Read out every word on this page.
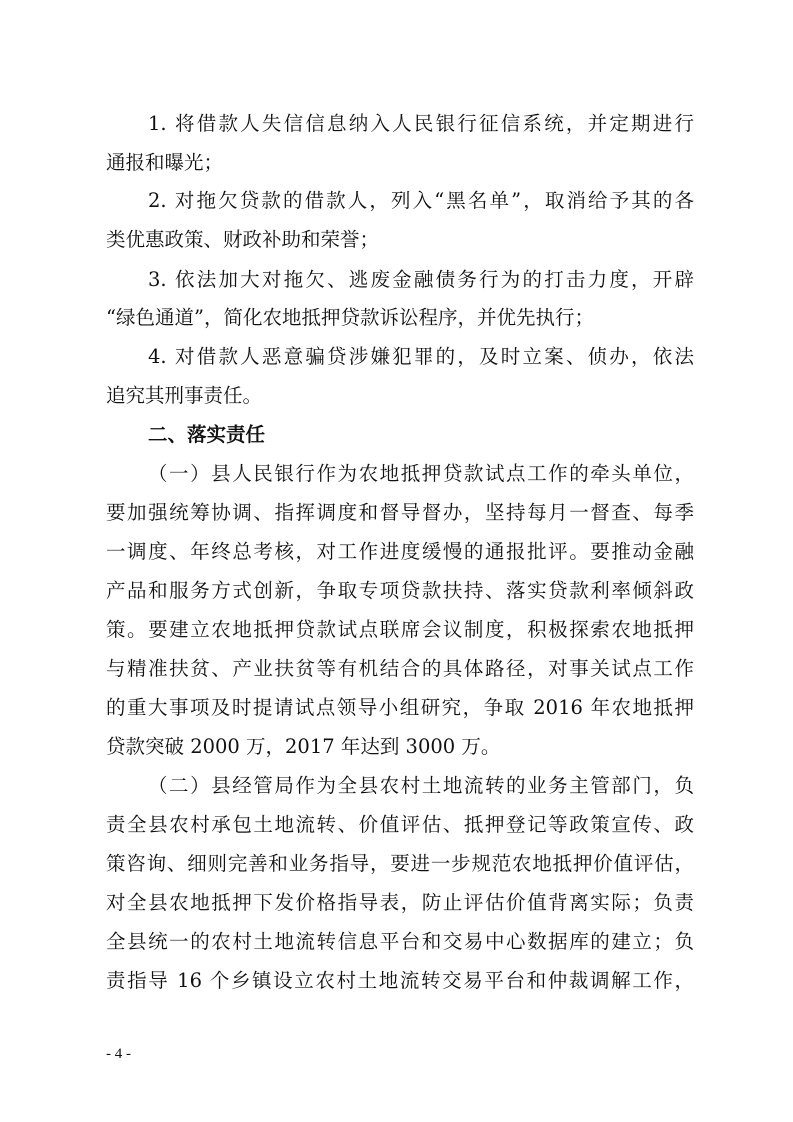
1. 将借款人失信信息纳入人民银行征信系统，并定期进行
通报和曝光；
2. 对拖欠贷款的借款人，列入“黑名单”，取消给予其的各
类优惠政策、财政补助和荣誉；
3. 依法加大对拖欠、逃废金融债务行为的打击力度，开辟
“绿色通道”，简化农地抵押贷款诉讼程序，并优先执行；
4. 对借款人恶意骗贷涉嫌犯罪的，及时立案、侦办，依法
追究其刑事责任。
二、落实责任
（一）县人民银行作为农地抵押贷款试点工作的牵头单位，
要加强统筹协调、指挥调度和督导督办，坚持每月一督查、每季
一调度、年终总考核，对工作进度缓慢的通报批评。要推动金融
产品和服务方式创新，争取专项贷款扶持、落实贷款利率倾斜政
策。要建立农地抵押贷款试点联席会议制度，积极探索农地抵押
与精准扶贫、产业扶贫等有机结合的具体路径，对事关试点工作
的重大事项及时提请试点领导小组研究，争取 2016 年农地抵押
贷款突破 2000 万，2017 年达到 3000 万。
（二）县经管局作为全县农村土地流转的业务主管部门，负
责全县农村承包土地流转、价值评估、抵押登记等政策宣传、政
策咨询、细则完善和业务指导，要进一步规范农地抵押价值评估，
对全县农地抵押下发价格指导表，防止评估价值背离实际；负责
全县统一的农村土地流转信息平台和交易中心数据库的建立；负
责指导 16 个乡镇设立农村土地流转交易平台和仲裁调解工作，
- 4 -
